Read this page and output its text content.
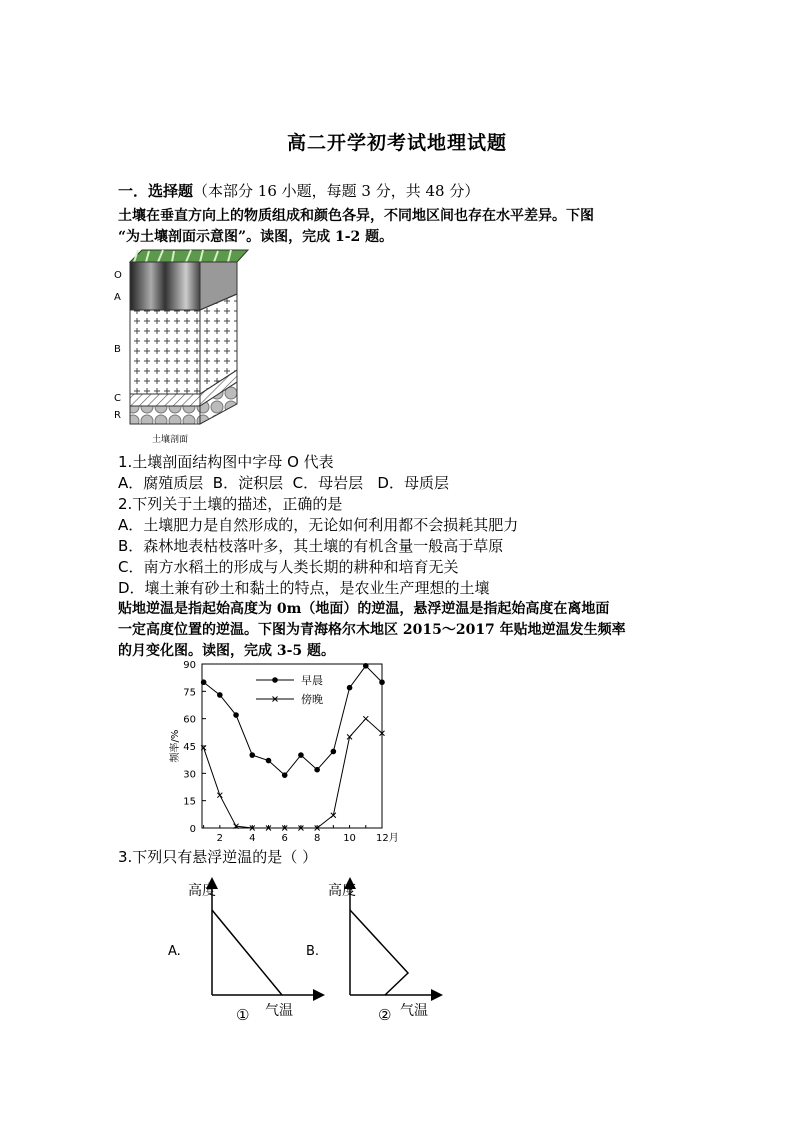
高二开学初考试地理试题
一．选择题（本部分 16 小题，每题 3 分，共 48 分）
土壤在垂直方向上的物质组成和颜色各异，不同地区间也存在水平差异。下图
“为土壤剖面示意图”。读图，完成 1-2 题。
O
A
B
C
R
土壤剖面
1.土壤剖面结构图中字母 O 代表
A．腐殖质层  B．淀积层  C．母岩层   D．母质层
2.下列关于土壤的描述，正确的是
A．土壤肥力是自然形成的，无论如何利用都不会损耗其肥力
B．森林地表枯枝落叶多，其土壤的有机含量一般高于草原
C．南方水稻土的形成与人类长期的耕种和培育无关
D．壤土兼有砂土和黏土的特点，是农业生产理想的土壤
贴地逆温是指起始高度为 0m（地面）的逆温，悬浮逆温是指起始高度在离地面
一定高度位置的逆温。下图为青海格尔木地区 2015～2017 年贴地逆温发生频率
的月变化图。读图，完成 3-5 题。
频率/%
0
15
30
45
60
75
90
2	4	6	8 10 12月
早晨
傍晚
3.下列只有悬浮逆温的是（ ）
A.
高度
气温
①
B.
高度
气温
②
